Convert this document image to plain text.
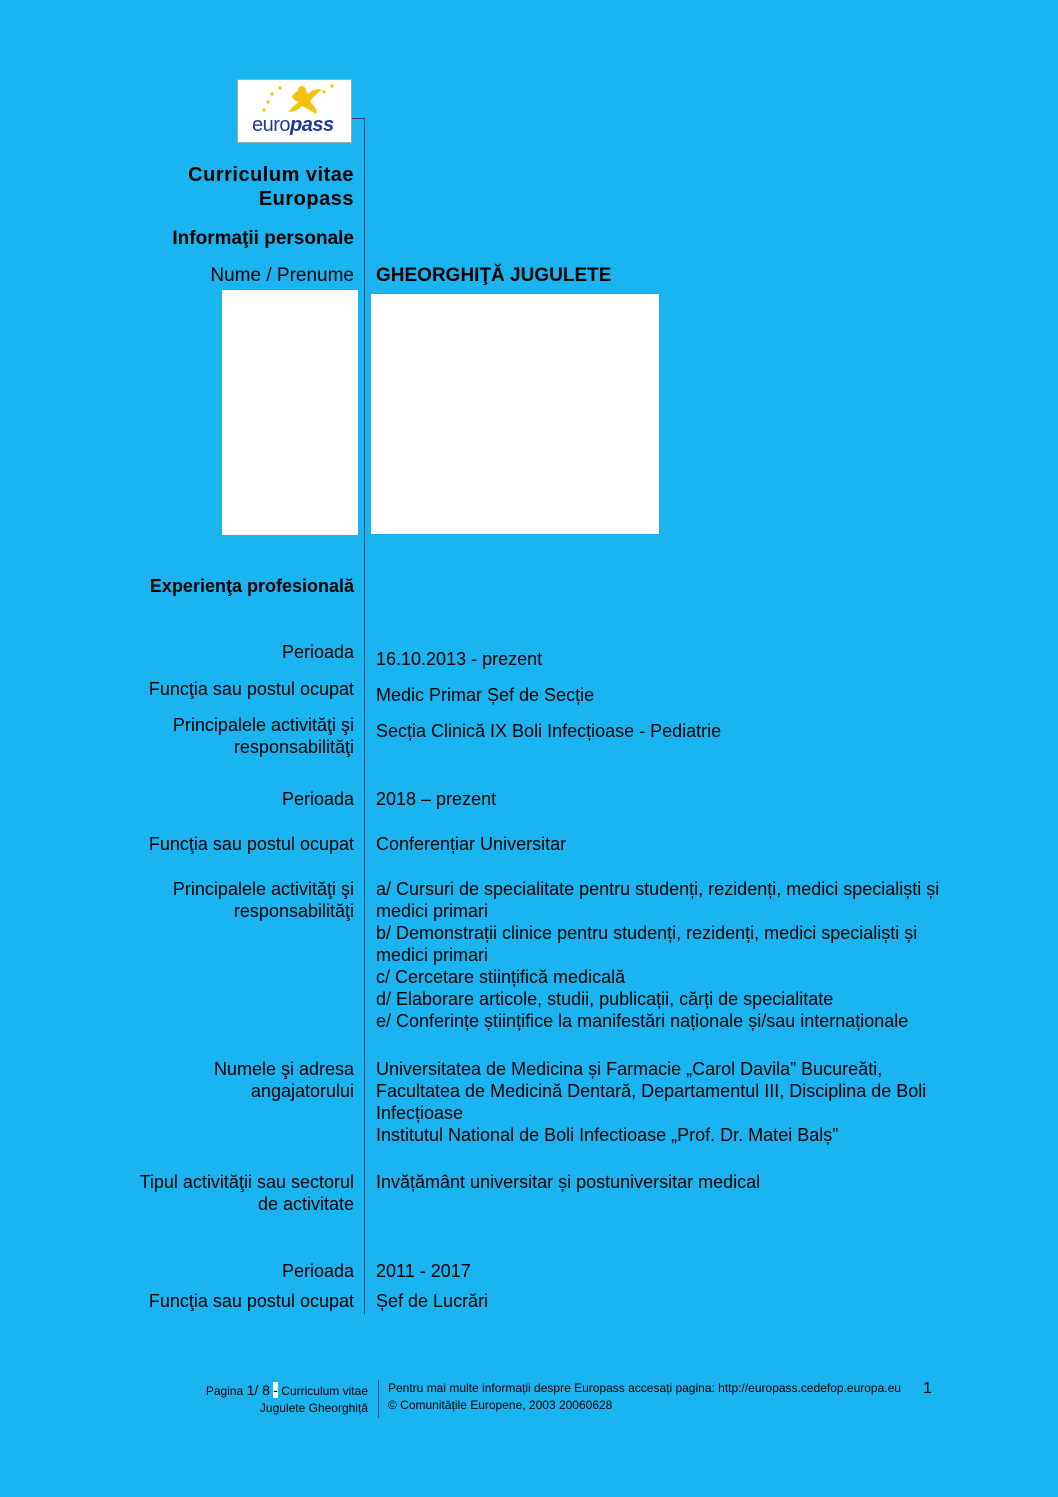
europass
Curriculum vitae
Europass
Informaţii personale
Nume / Prenume GHEORGHIŢĂ JUGULETE
Experienţa profesională
Perioada 16.10.2013 - prezent
Funcţia sau postul ocupat Medic Primar Șef de Secție
Principalele activităţi şi
responsabilităţi
Secția Clinică IX Boli Infecțioase - Pediatrie
Perioada 2018 – prezent
Funcţia sau postul ocupat Conferențiar Universitar
Principalele activităţi şi
responsabilităţi
a/ Cursuri de specialitate pentru studenți, rezidenți, medici specialiști și
medici primari
b/ Demonstrații clinice pentru studenți, rezidenți, medici specialiști și
medici primari
c/ Cercetare stiințifică medicală
d/ Elaborare articole, studii, publicații, cărți de specialitate
e/ Conferințe științifice la manifestări naționale și/sau internaționale
Numele şi adresa
angajatorului
Universitatea de Medicina și Farmacie „Carol Davila” Bucureăti,
Facultatea de Medicină Dentară, Departamentul III, Disciplina de Boli
Infecțioase
Institutul National de Boli Infectioase „Prof. Dr. Matei Balș”
Tipul activităţii sau sectorul
de activitate
Invățământ universitar și postuniversitar medical
Perioada 2011 - 2017
Funcţia sau postul ocupat Șef de Lucrări
Pagina 1/ 8 - Curriculum vitae
Jugulete Gheorghiță
Pentru mai multe informații despre Europass accesați pagina: http://europass.cedefop.europa.eu
© Comunitățile Europene, 2003 20060628
1
